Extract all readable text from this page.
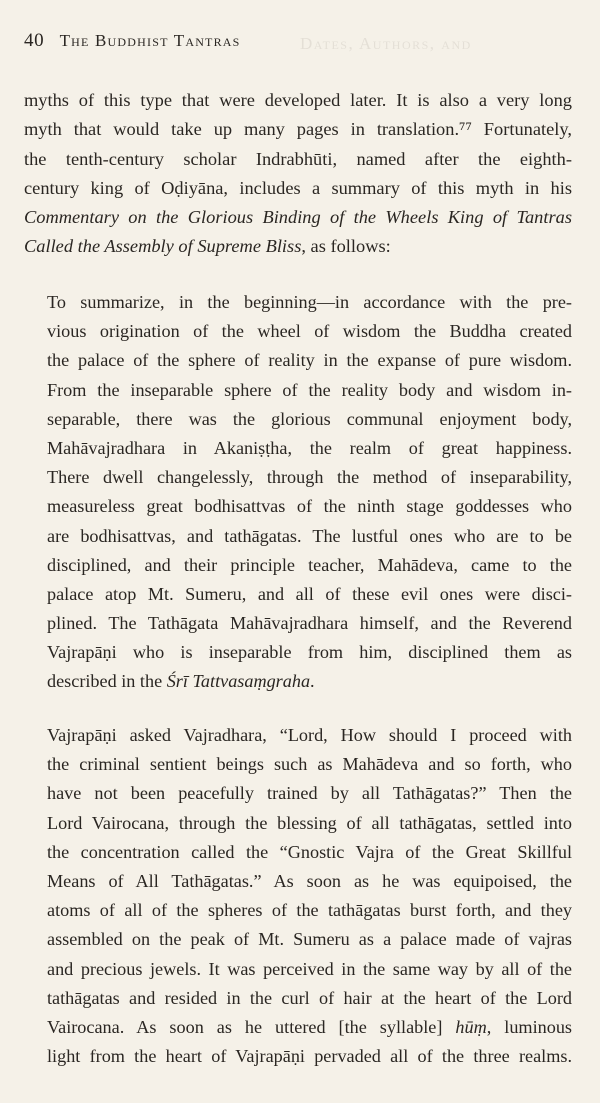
Dates, Authors, and
40 The Buddhist Tantras
myths of this type that were developed later. It is also a very long
myth that would take up many pages in translation.⁷⁷ Fortunately,
the tenth-century scholar Indrabhūti, named after the eighth-
century king of Oḍiyāna, includes a summary of this myth in his
Commentary on the Glorious Binding of the Wheels King of Tantras
Called the Assembly of Supreme Bliss, as follows:
To summarize, in the beginning—in accordance with the pre-
vious origination of the wheel of wisdom the Buddha created
the palace of the sphere of reality in the expanse of pure wisdom.
From the inseparable sphere of the reality body and wisdom in-
separable, there was the glorious communal enjoyment body,
Mahāvajradhara in Akaniṣṭha, the realm of great happiness.
There dwell changelessly, through the method of inseparability,
measureless great bodhisattvas of the ninth stage goddesses who
are bodhisattvas, and tathāgatas. The lustful ones who are to be
disciplined, and their principle teacher, Mahādeva, came to the
palace atop Mt. Sumeru, and all of these evil ones were disci-
plined. The Tathāgata Mahāvajradhara himself, and the Reverend
Vajrapāṇi who is inseparable from him, disciplined them as
described in the Śrī Tattvasaṃgraha.
Vajrapāṇi asked Vajradhara, “Lord, How should I proceed with
the criminal sentient beings such as Mahādeva and so forth, who
have not been peacefully trained by all Tathāgatas?” Then the
Lord Vairocana, through the blessing of all tathāgatas, settled into
the concentration called the “Gnostic Vajra of the Great Skillful
Means of All Tathāgatas.” As soon as he was equipoised, the
atoms of all of the spheres of the tathāgatas burst forth, and they
assembled on the peak of Mt. Sumeru as a palace made of vajras
and precious jewels. It was perceived in the same way by all of the
tathāgatas and resided in the curl of hair at the heart of the Lord
Vairocana. As soon as he uttered [the syllable] hūṃ, luminous
light from the heart of Vajrapāṇi pervaded all of the three realms.
